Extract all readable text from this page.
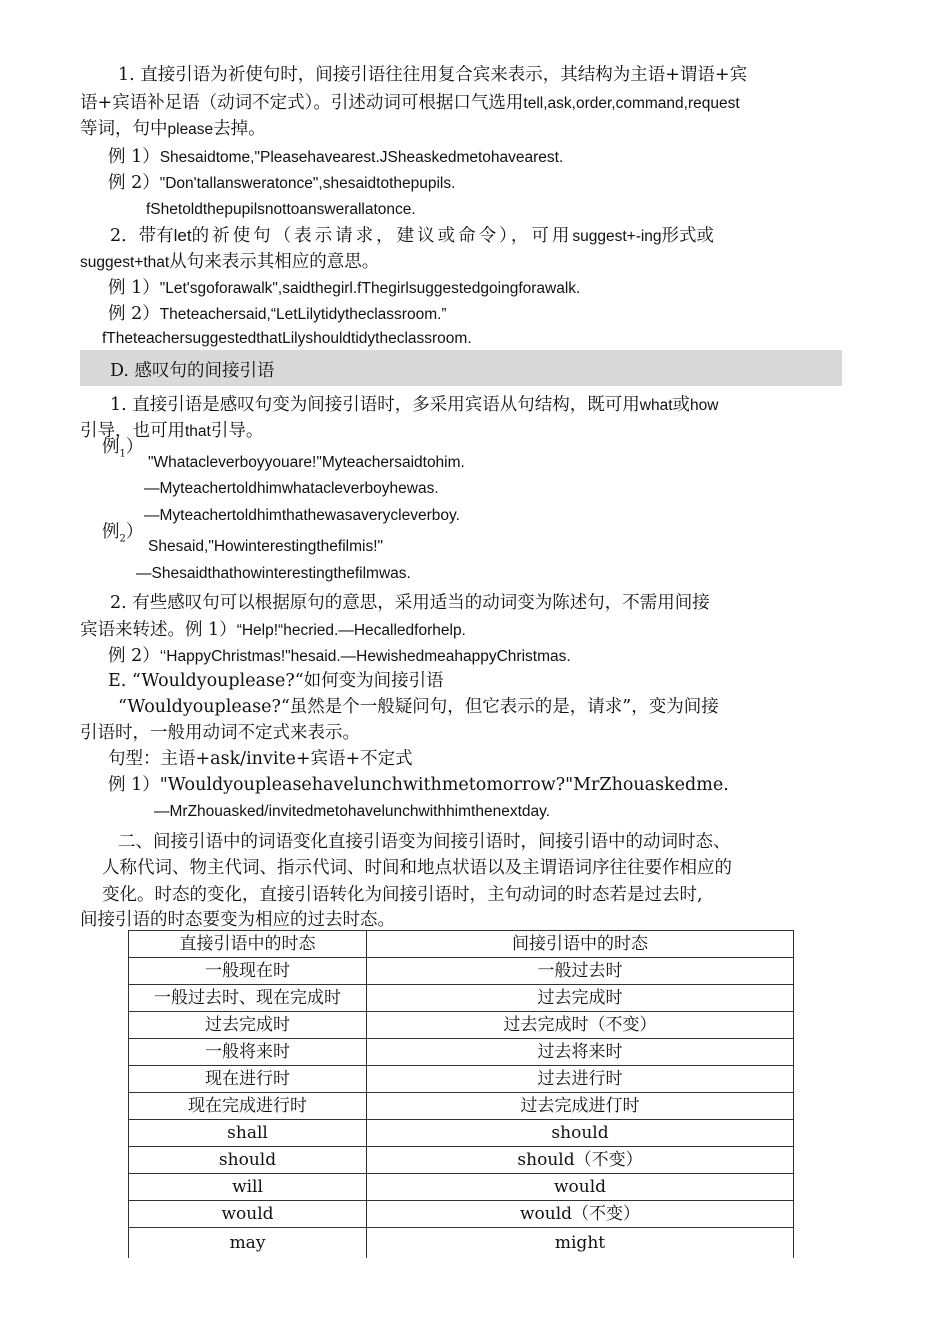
1. 直接引语为祈使句时，间接引语往往用复合宾来表示，其结构为主语+谓语+宾
语+宾语补足语（动词不定式）。引述动词可根据口气选用tell,ask,order,command,request
等词，句中please去掉。
例 1）Shesaidtome,"Pleasehavearest.JSheaskedmetohavearest.
例 2）"Don'tallansweratonce",shesaidtothepupils.
fShetoldthepupilsnottoanswerallatonce.
2．带有let的祈使句（表示请求，建议或命令），可用suggest+-ing形式或
suggest+that从句来表示其相应的意思。
例 1）"Let'sgoforawalk",saidthegirl.fThegirlsuggestedgoingforawalk.
例 2）Theteachersaid,“LetLilytidytheclassroom.”
fTheteachersuggestedthatLilyshouldtidytheclassroom.
D. 感叹句的间接引语
1. 直接引语是感叹句变为间接引语时，多采用宾语从句结构，既可用what或how
引导，也可用that引导。
例$_1$）
"Whatacleverboyyouare!"Myteachersaidtohim.
—Myteachertoldhimwhatacleverboyhewas.
—Myteachertoldhimthathewasaverycleverboy.
例$_2$）
Shesaid,"Howinterestingthefilmis!"
—Shesaidthathowinterestingthefilmwas.
2. 有些感叹句可以根据原句的意思，采用适当的动词变为陈述句，不需用间接
宾语来转述。例 1）“Help!“hecried.—Hecalledforhelp.
例 2）‘‘HappyChristmas!"hesaid.—HewishedmeahappyChristmas.
E. “Wouldyouplease?“如何变为间接引语
“Wouldyouplease?“虽然是个一般疑问句，但它表示的是，请求”，变为间接
引语时，一般用动词不定式来表示。
句型：主语+ask/invite+宾语+不定式
例 1）"Wouldyoupleasehavelunchwithmetomorrow?"MrZhouaskedme.
—MrZhouasked/invitedmetohavelunchwithhimthenextday.
二、间接引语中的词语变化直接引语变为间接引语时，间接引语中的动词时态、
人称代词、物主代词、指示代词、时间和地点状语以及主谓语词序往往要作相应的
变化。时态的变化，直接引语转化为间接引语时，主句动词的时态若是过去时,
间接引语的时态要变为相应的过去时态。
直接引语中的时态	间接引语中的时态
一般现在时	一般过去时
一般过去时、现在完成时	过去完成时
过去完成时	过去完成时（不变）
一般将来时	过去将来时
现在进行时	过去进行时
现在完成进行时	过去完成进仃时
shall	should
should	should（不变）
will	would
would	would（不变）
may	might
